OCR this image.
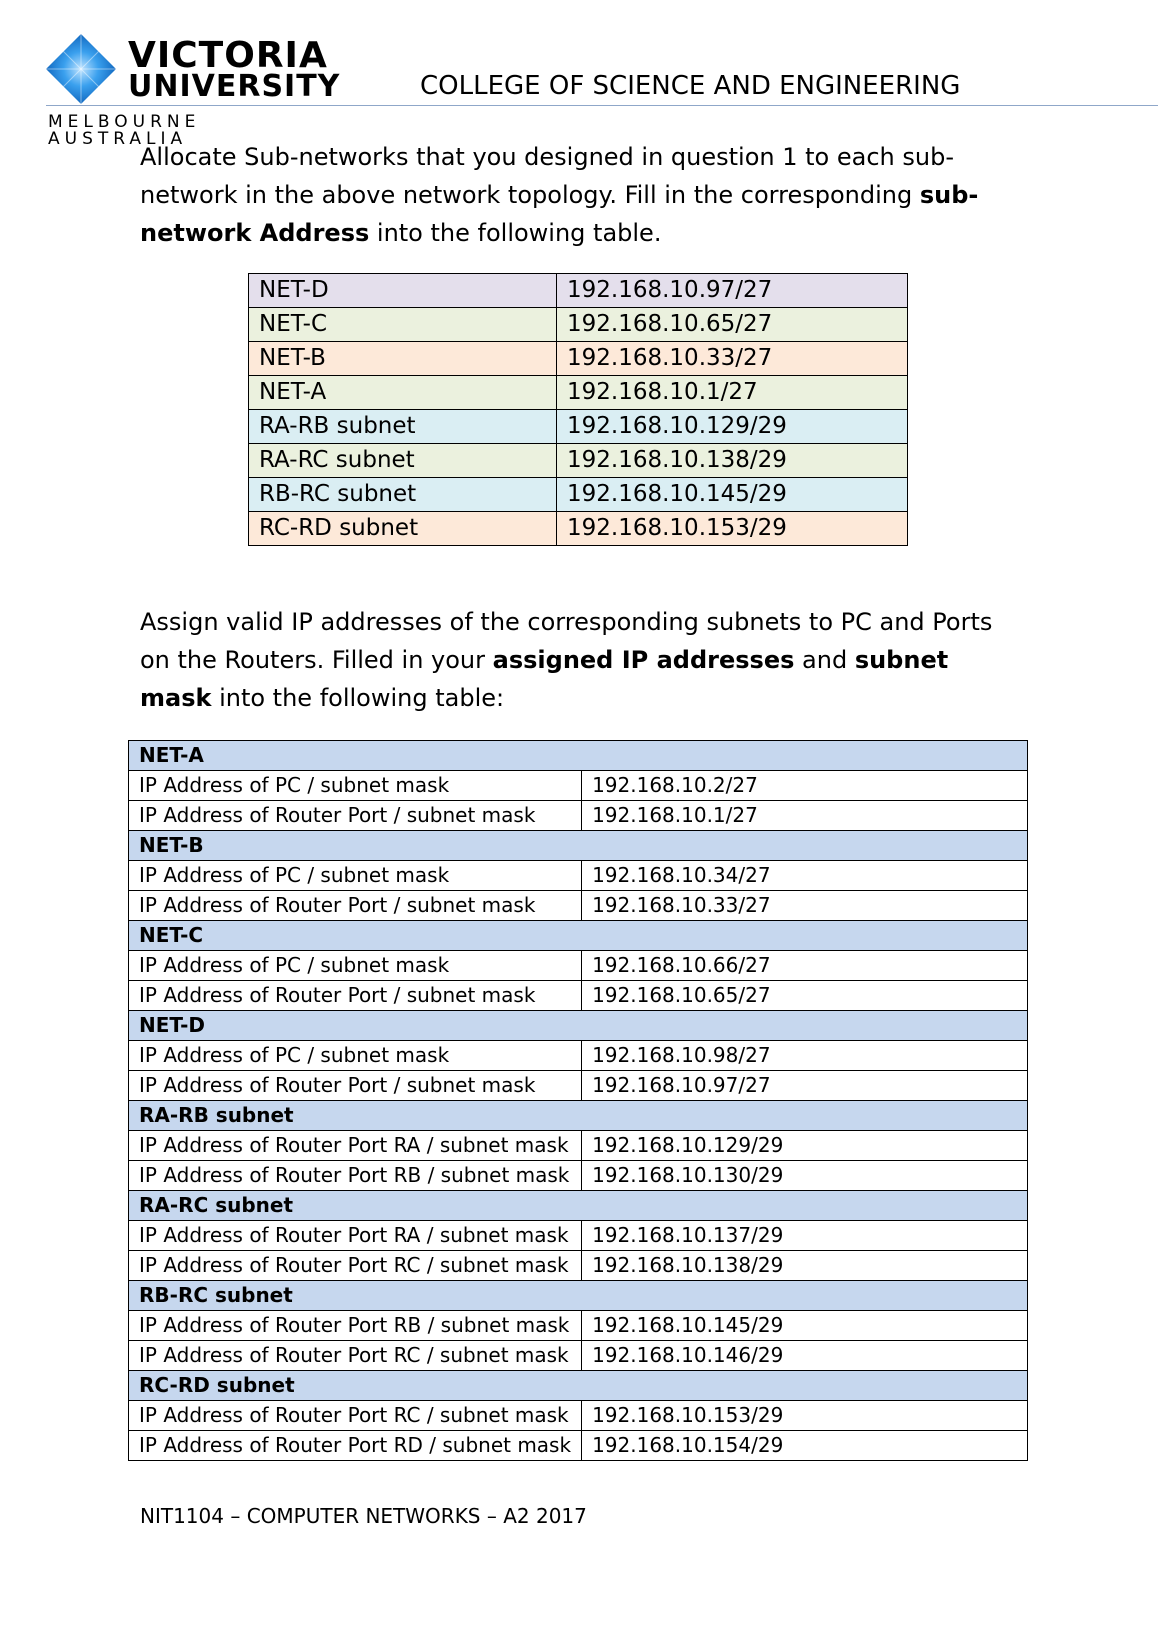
VICTORIA
UNIVERSITY
MELBOURNE AUSTRALIA
COLLEGE OF SCIENCE AND ENGINEERING
Allocate Sub-networks that you designed in question 1 to each sub-network in the above network topology. Fill in the corresponding sub-network Address into the following table.
NET-D	192.168.10.97/27
NET-C	192.168.10.65/27
NET-B	192.168.10.33/27
NET-A	192.168.10.1/27
RA-RB subnet	192.168.10.129/29
RA-RC subnet	192.168.10.138/29
RB-RC subnet	192.168.10.145/29
RC-RD subnet	192.168.10.153/29
Assign valid IP addresses of the corresponding subnets to PC and Ports on the Routers. Filled in your assigned IP addresses and subnet mask into the following table:
NET-A	
IP Address of PC / subnet mask	192.168.10.2/27
IP Address of Router Port / subnet mask	192.168.10.1/27
NET-B	
IP Address of PC / subnet mask	192.168.10.34/27
IP Address of Router Port / subnet mask	192.168.10.33/27
NET-C	
IP Address of PC / subnet mask	192.168.10.66/27
IP Address of Router Port / subnet mask	192.168.10.65/27
NET-D	
IP Address of PC / subnet mask	192.168.10.98/27
IP Address of Router Port / subnet mask	192.168.10.97/27
RA-RB subnet	
IP Address of Router Port RA / subnet mask	192.168.10.129/29
IP Address of Router Port RB / subnet mask	192.168.10.130/29
RA-RC subnet	
IP Address of Router Port RA / subnet mask	192.168.10.137/29
IP Address of Router Port RC / subnet mask	192.168.10.138/29
RB-RC subnet	
IP Address of Router Port RB / subnet mask	192.168.10.145/29
IP Address of Router Port RC / subnet mask	192.168.10.146/29
RC-RD subnet	
IP Address of Router Port RC / subnet mask	192.168.10.153/29
IP Address of Router Port RD / subnet mask	192.168.10.154/29
NIT1104 – COMPUTER NETWORKS – A2 2017
